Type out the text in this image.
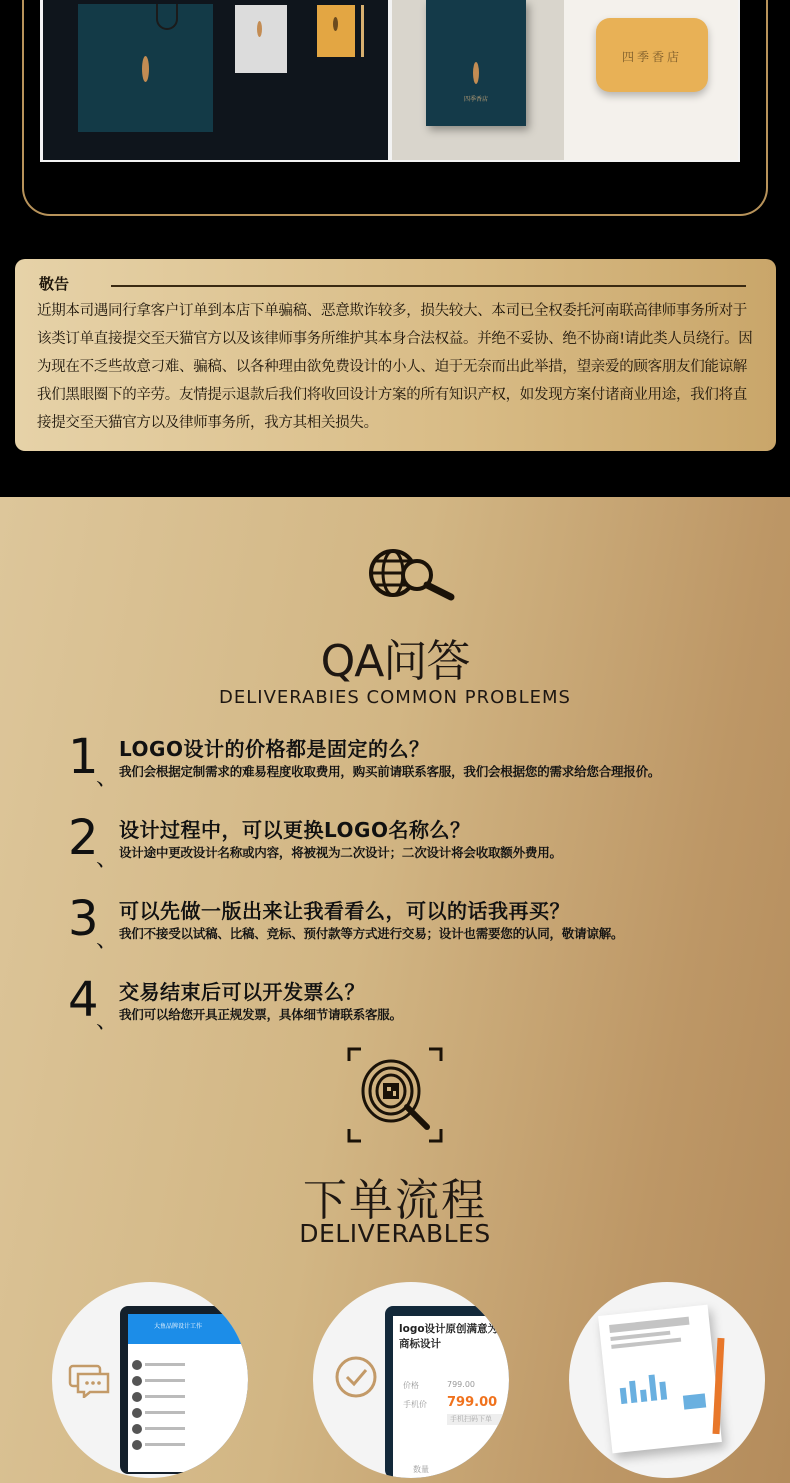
四季香店
四季香店
敬告
近期本司遇同行拿客户订单到本店下单骗稿、恶意欺诈较多，损失较大、本司已全权委托河南联高律师事务所对于该类订单直接提交至天猫官方以及该律师事务所维护其本身合法权益。并绝不妥协、绝不协商!请此类人员绕行。因为现在不乏些故意刁难、骗稿、以各种理由欲免费设计的小人、迫于无奈而出此举措，望亲爱的顾客朋友们能谅解我们黑眼圈下的辛劳。友情提示退款后我们将收回设计方案的所有知识产权，如发现方案付诸商业用途，我们将直接提交至天猫官方以及律师事务所，我方其相关损失。
QA问答
DELIVERABIES COMMON PROBLEMS
1
、
LOGO设计的价格都是固定的么？
我们会根据定制需求的难易程度收取费用，购买前请联系客服，我们会根据您的需求给您合理报价。
2
、
设计过程中，可以更换LOGO名称么？
设计途中更改设计名称或内容，将被视为二次设计；二次设计将会收取额外费用。
3
、
可以先做一版出来让我看看么，可以的话我再买？
我们不接受以试稿、比稿、竞标、预付款等方式进行交易；设计也需要您的认同，敬请谅解。
4
、
交易结束后可以开发票么？
我们可以给您开具正规发票，具体细节请联系客服。
下单流程
DELIVERABLES
大鱼品牌设计工作	logo设计原创满意为止商标设计
价格	799.00
手机价 799.00
手机扫码下单
数量
